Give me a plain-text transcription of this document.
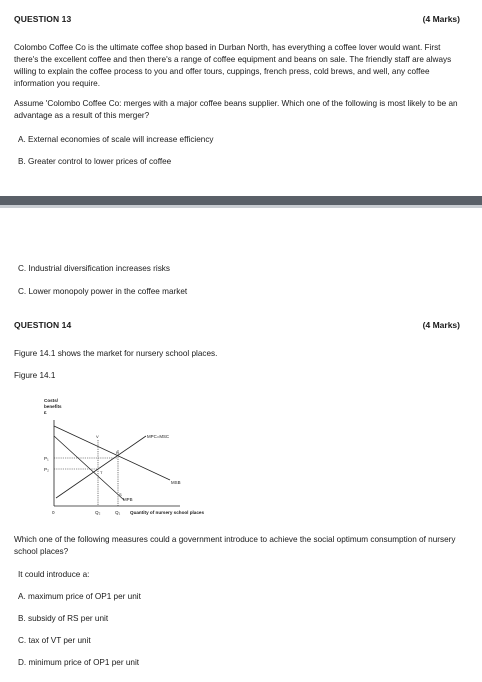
QUESTION 13	(4 Marks)
Colombo Coffee Co is the ultimate coffee shop based in Durban North, has everything a coffee lover would want. First there's the excellent coffee and then there's a range of coffee equipment and beans on sale. The friendly staff are always willing to explain the coffee process to you and offer tours, cuppings, french press, cold brews, and well, any coffee information you require.
Assume 'Colombo Coffee Co: merges with a major coffee beans supplier. Which one of the following is most likely to be an advantage as a result of this merger?
A. External economies of scale will increase efficiency
B. Greater control to lower prices of coffee
C. Industrial diversification increases risks
C. Lower monopoly power in the coffee market
QUESTION 14	(4 Marks)
Figure 14.1 shows the market for nursery school places.
Figure 14.1
Costs/
benefits
£
P₁
P₂
MPC=MSC
MSB
MPB
V
R
S
T
0	Q₂	Q₁ Quantity of nursery school places
Which one of the following measures could a government introduce to achieve the social optimum consumption of nursery school places?
It could introduce a:
A. maximum price of OP1 per unit
B. subsidy of RS per unit
C. tax of VT per unit
D. minimum price of OP1 per unit
